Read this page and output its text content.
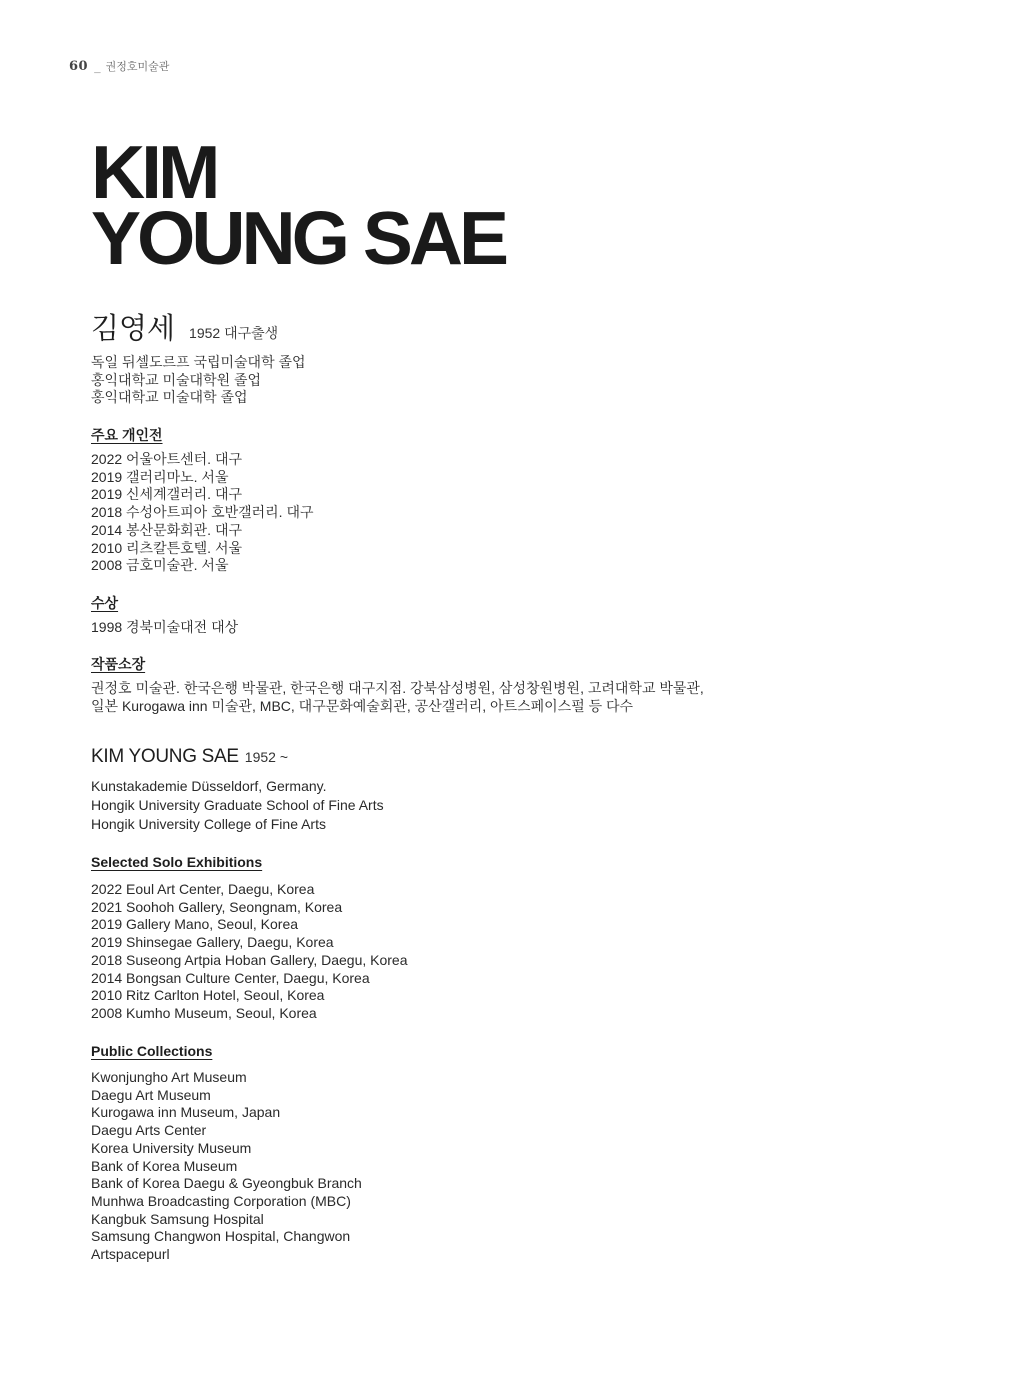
60 _ 권정호미술관
KIM
YOUNG SAE
김영세 1952 대구출생
독일 뒤셀도르프 국립미술대학 졸업
홍익대학교 미술대학원 졸업
홍익대학교 미술대학 졸업
주요 개인전
2022 어울아트센터. 대구
2019 갤러리마노. 서울
2019 신세계갤러리. 대구
2018 수성아트피아 호반갤러리. 대구
2014 봉산문화회관. 대구
2010 리츠칼튼호텔. 서울
2008 금호미술관. 서울
수상
1998 경북미술대전 대상
작품소장
권정호 미술관. 한국은행 박물관, 한국은행 대구지점. 강북삼성병원, 삼성창원병원, 고려대학교 박물관,
일본 Kurogawa inn 미술관, MBC, 대구문화예술회관, 공산갤러리, 아트스페이스펄 등 다수
KIM YOUNG SAE 1952 ~
Kunstakademie Düsseldorf, Germany.
Hongik University Graduate School of Fine Arts
Hongik University College of Fine Arts
Selected Solo Exhibitions
2022 Eoul Art Center, Daegu, Korea
2021 Soohoh Gallery, Seongnam, Korea
2019 Gallery Mano, Seoul, Korea
2019 Shinsegae Gallery, Daegu, Korea
2018 Suseong Artpia Hoban Gallery, Daegu, Korea
2014 Bongsan Culture Center, Daegu, Korea
2010 Ritz Carlton Hotel, Seoul, Korea
2008 Kumho Museum, Seoul, Korea
Public Collections
Kwonjungho Art Museum
Daegu Art Museum
Kurogawa inn Museum, Japan
Daegu Arts Center
Korea University Museum
Bank of Korea Museum
Bank of Korea Daegu & Gyeongbuk Branch
Munhwa Broadcasting Corporation (MBC)
Kangbuk Samsung Hospital
Samsung Changwon Hospital, Changwon
Artspacepurl
